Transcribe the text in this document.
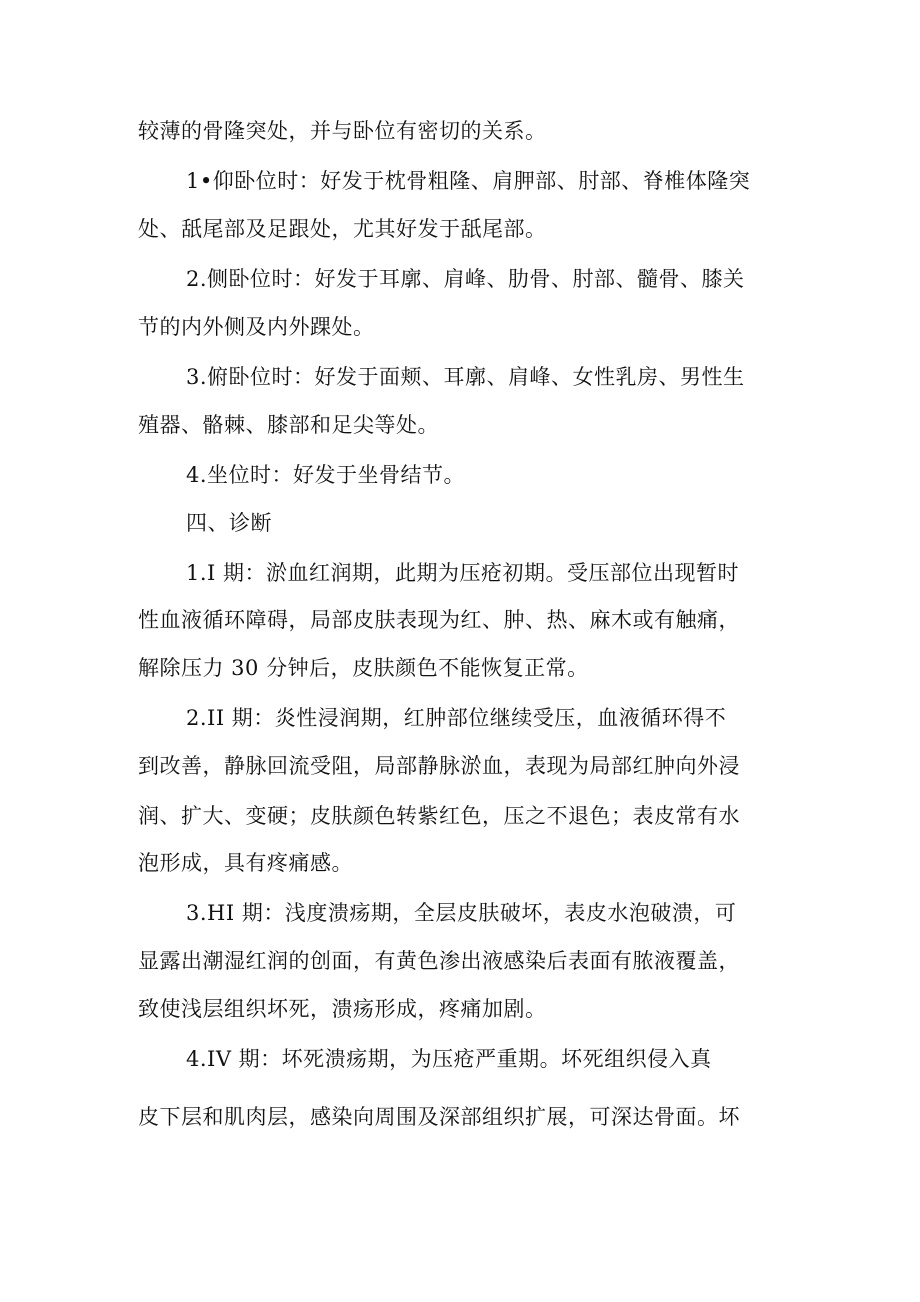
较薄的骨隆突处，并与卧位有密切的关系。
1•仰卧位时：好发于枕骨粗隆、肩胛部、肘部、脊椎体隆突
处、舐尾部及足跟处，尤其好发于舐尾部。
2.侧卧位时：好发于耳廓、肩峰、肋骨、肘部、髓骨、膝关
节的内外侧及内外踝处。
3.俯卧位时：好发于面颊、耳廓、肩峰、女性乳房、男性生
殖器、骼棘、膝部和足尖等处。
4.坐位时：好发于坐骨结节。
四、诊断
1.I 期：淤血红润期，此期为压疮初期。受压部位出现暂时
性血液循环障碍，局部皮肤表现为红、肿、热、麻木或有触痛，
解除压力 30 分钟后，皮肤颜色不能恢复正常。
2.II 期：炎性浸润期，红肿部位继续受压，血液循环得不
到改善，静脉回流受阻，局部静脉淤血，表现为局部红肿向外浸
润、扩大、变硬；皮肤颜色转紫红色，压之不退色；表皮常有水
泡形成，具有疼痛感。
3.HI 期：浅度溃疡期，全层皮肤破坏，表皮水泡破溃，可
显露出潮湿红润的创面，有黄色渗出液感染后表面有脓液覆盖，
致使浅层组织坏死，溃疡形成，疼痛加剧。
4.IV 期：坏死溃疡期，为压疮严重期。坏死组织侵入真
皮下层和肌肉层，感染向周围及深部组织扩展，可深达骨面。坏
